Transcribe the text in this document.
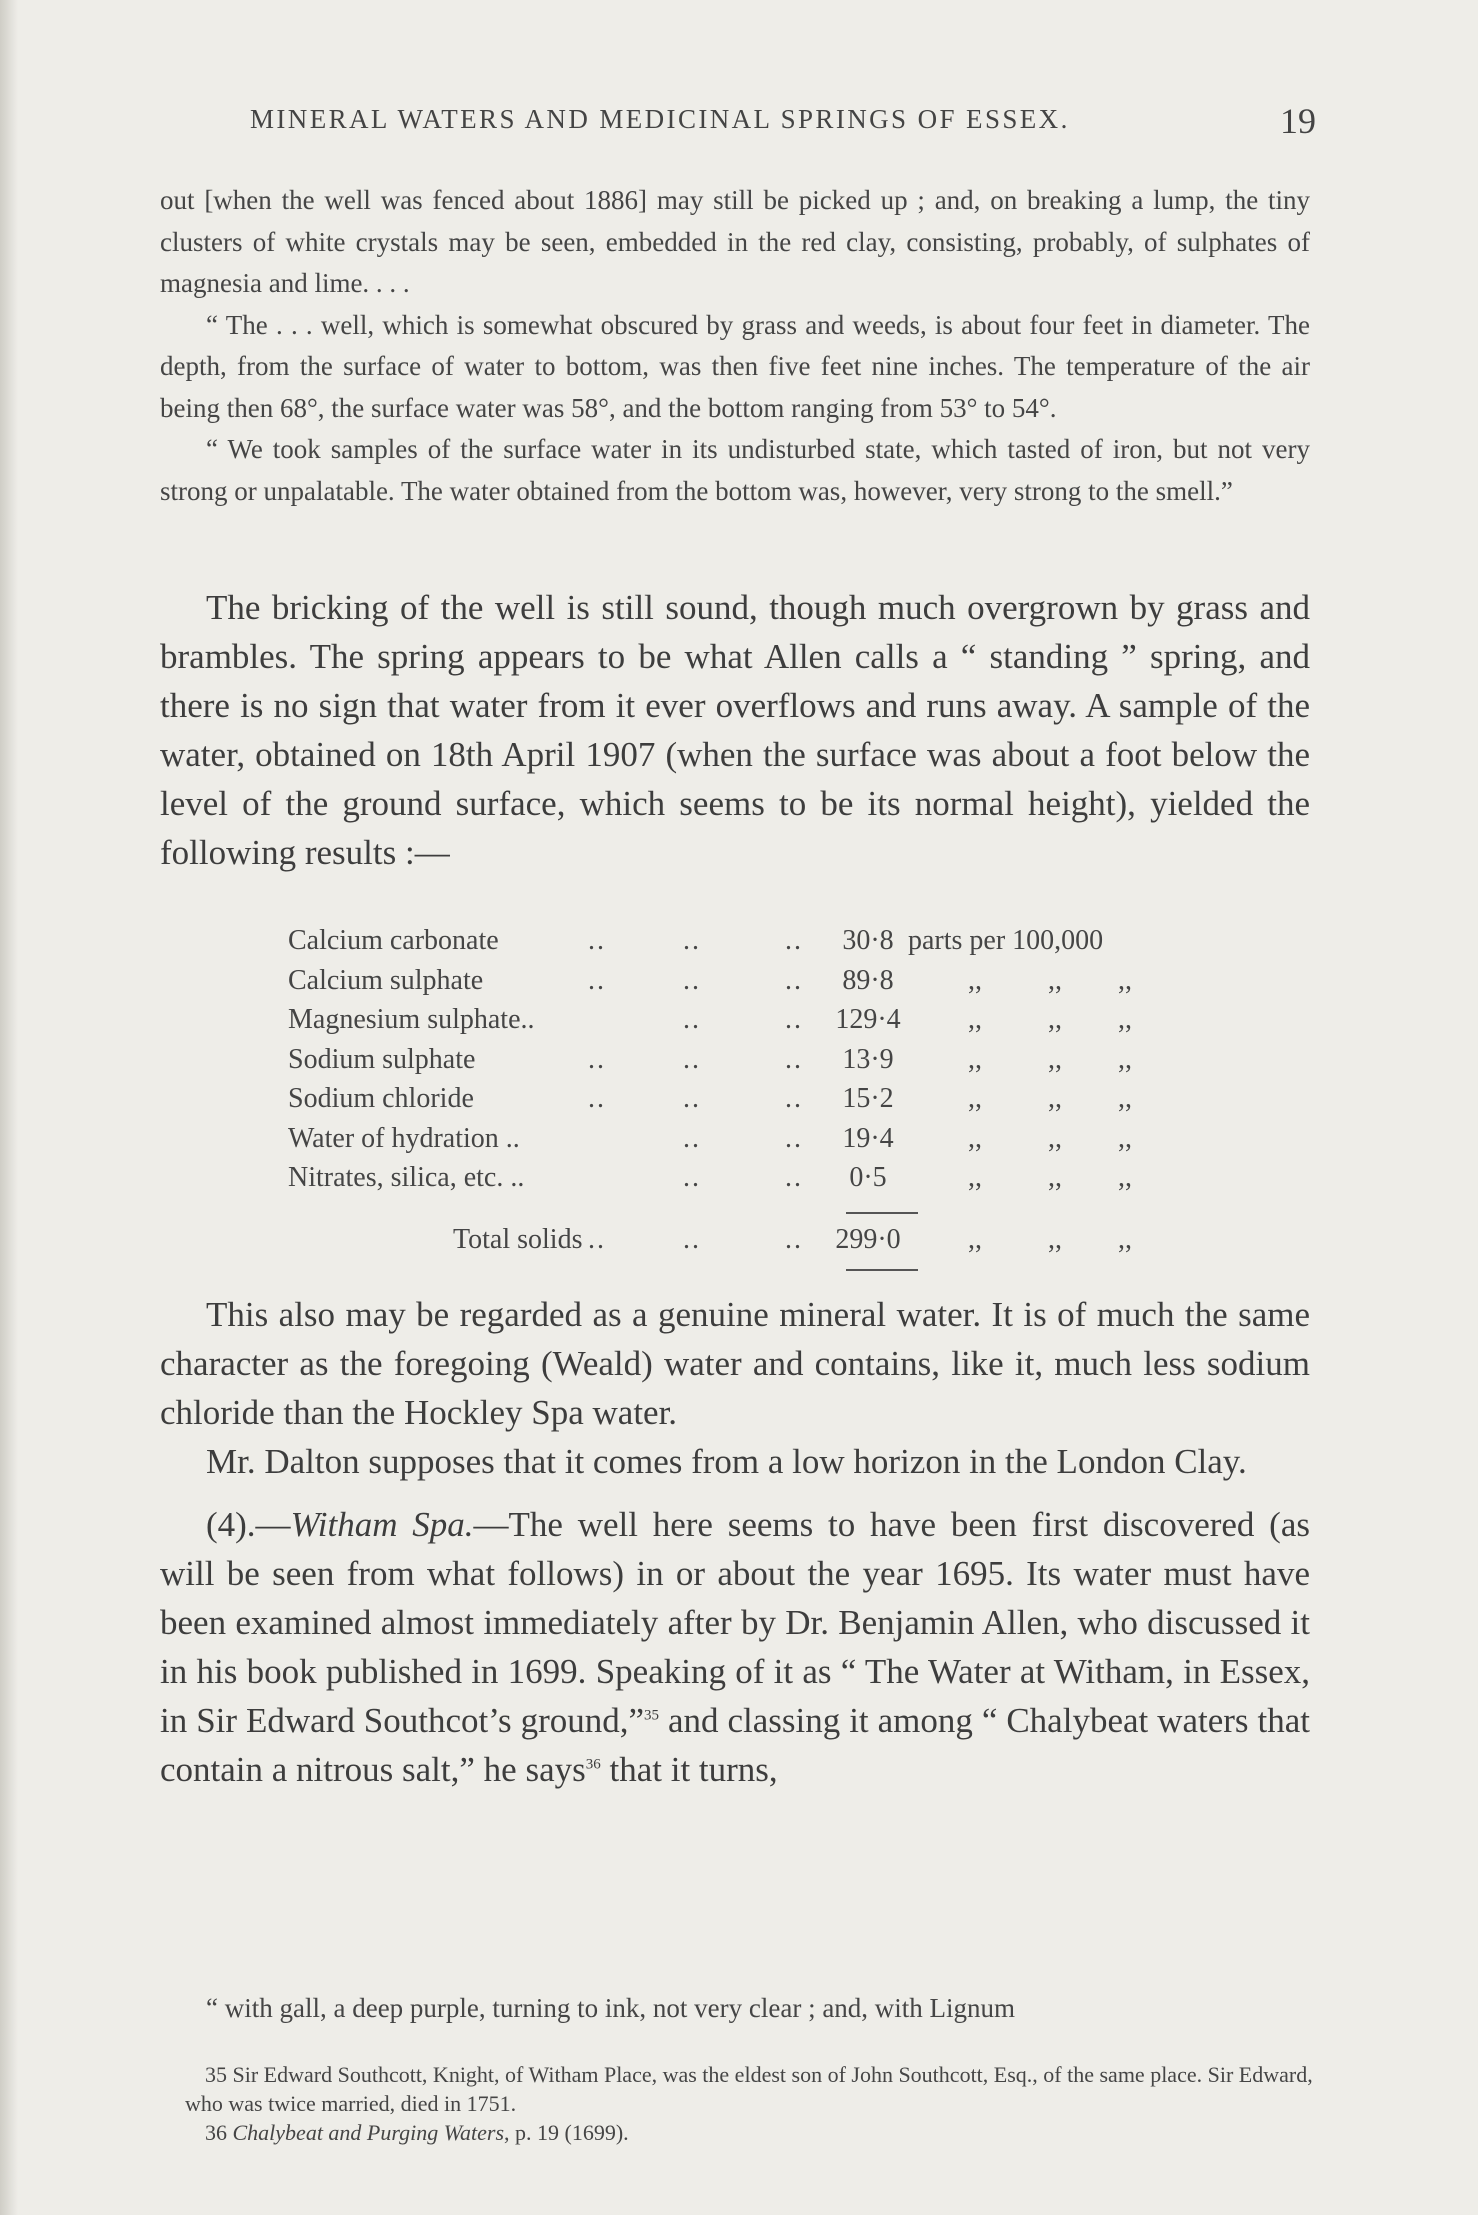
MINERAL WATERS AND MEDICINAL SPRINGS OF ESSEX.	19

out [when the well was fenced about 1886] may still be picked up ; and, on breaking a lump, the tiny clusters of white crystals may be seen, embedded in the red clay, consisting, probably, of sulphates of magnesia and lime. . . .

“ The . . . well, which is somewhat obscured by grass and weeds, is about four feet in diameter. The depth, from the surface of water to bottom, was then five feet nine inches. The temperature of the air being then 68°, the surface water was 58°, and the bottom ranging from 53° to 54°.

“ We took samples of the surface water in its undisturbed state, which tasted of iron, but not very strong or unpalatable. The water obtained from the bottom was, however, very strong to the smell.”

The bricking of the well is still sound, though much overgrown by grass and brambles. The spring appears to be what Allen calls a “ standing ” spring, and there is no sign that water from it ever overflows and runs away. A sample of the water, obtained on 18th April 1907 (when the surface was about a foot below the level of the ground surface, which seems to be its normal height), yielded the following results :—
Calcium carbonate	..	..	..	30·8 parts per 100,000
Calcium sulphate	..	..	..	89·8	,, ,, ,,
Magnesium sulphate..	..	..	129·4	,, ,, ,,
Sodium sulphate	..	..	..	13·9	,, ,, ,,
Sodium chloride	..	..	..	15·2	,, ,, ,,
Water of hydration ..	..	..	19·4	,, ,, ,,
Nitrates, silica, etc. ..	..	..	0·5	,, ,, ,,
Total solids ..	..	..	299·0	,, ,, ,,

This also may be regarded as a genuine mineral water. It is of much the same character as the foregoing (Weald) water and contains, like it, much less sodium chloride than the Hockley Spa water.

Mr. Dalton supposes that it comes from a low horizon in the London Clay.

(4).—Witham Spa.—The well here seems to have been first discovered (as will be seen from what follows) in or about the year 1695. Its water must have been examined almost immediately after by Dr. Benjamin Allen, who discussed it in his book published in 1699. Speaking of it as “ The Water at Witham, in Essex, in Sir Edward Southcot’s ground,”$^{35}$ and classing it among “ Chalybeat waters that contain a nitrous salt,” he says$^{36}$ that it turns,

“ with gall, a deep purple, turning to ink, not very clear ; and, with Lignum

35 Sir Edward Southcott, Knight, of Witham Place, was the eldest son of John Southcott, Esq., of the same place. Sir Edward, who was twice married, died in 1751.

36 Chalybeat and Purging Waters, p. 19 (1699).
